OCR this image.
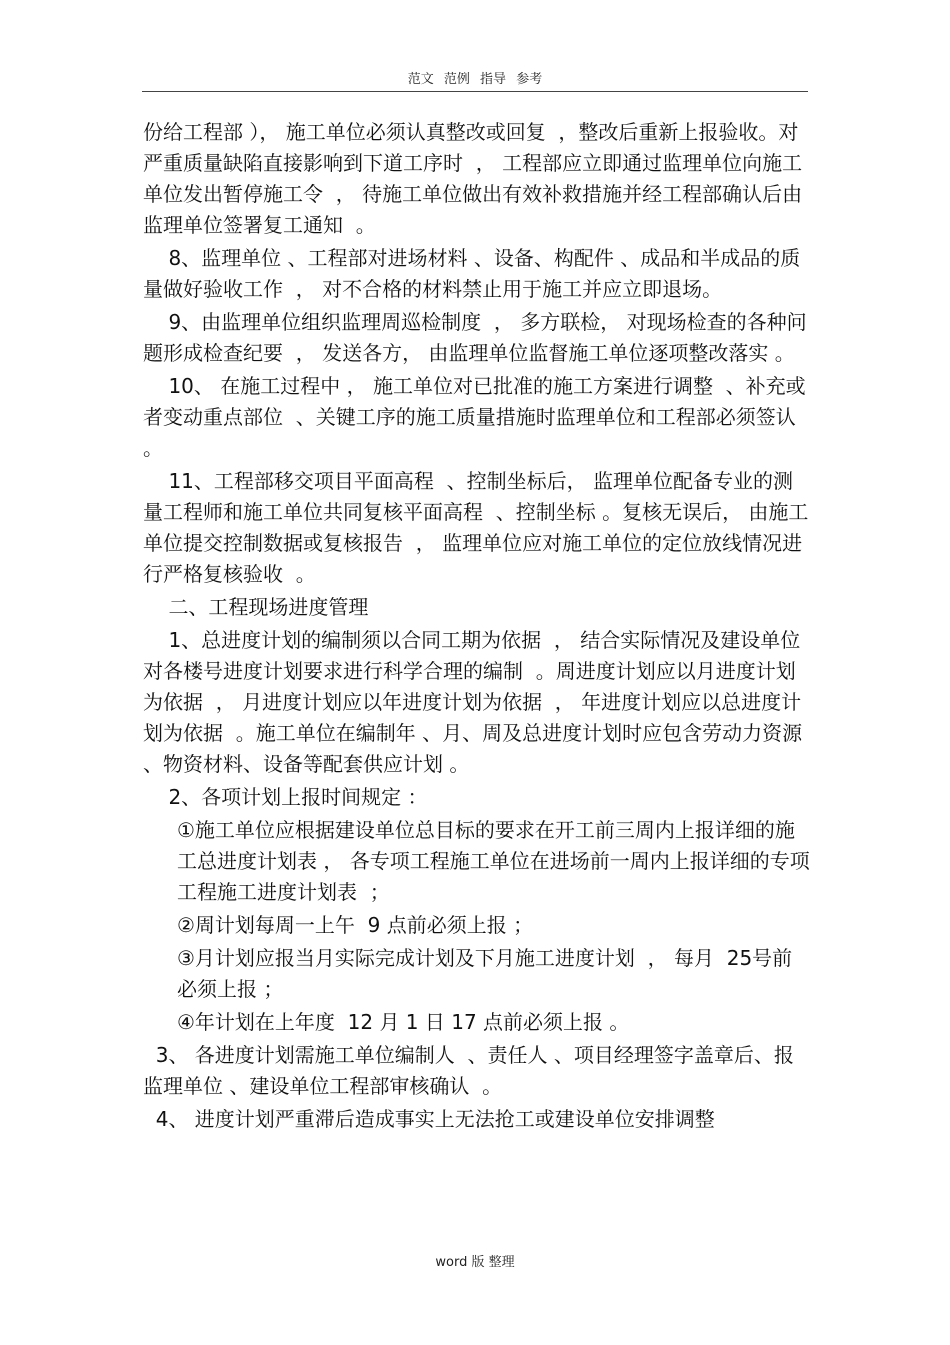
范文 范例 指导 参考

份给工程部 ）， 施工单位必须认真整改或回复  ，整改后重新上报验收。对严重质量缺陷直接影响到下道工序时  ， 工程部应立即通过监理单位向施工单位发出暂停施工令  ， 待施工单位做出有效补救措施并经工程部确认后由监理单位签署复工通知  。

8、监理单位 、工程部对进场材料 、设备、构配件 、成品和半成品的质量做好验收工作  ， 对不合格的材料禁止用于施工并应立即退场。

9、由监理单位组织监理周巡检制度  ， 多方联检， 对现场检查的各种问题形成检查纪要  ， 发送各方， 由监理单位监督施工单位逐项整改落实 。

10、 在施工过程中 ， 施工单位对已批准的施工方案进行调整  、补充或者变动重点部位  、关键工序的施工质量措施时监理单位和工程部必须签认 。

11、工程部移交项目平面高程  、控制坐标后， 监理单位配备专业的测量工程师和施工单位共同复核平面高程  、控制坐标 。复核无误后， 由施工单位提交控制数据或复核报告  ， 监理单位应对施工单位的定位放线情况进行严格复核验收  。

二、工程现场进度管理

1、总进度计划的编制须以合同工期为依据  ， 结合实际情况及建设单位对各楼号进度计划要求进行科学合理的编制  。周进度计划应以月进度计划为依据  ， 月进度计划应以年进度计划为依据  ， 年进度计划应以总进度计划为依据  。施工单位在编制年 、月、周及总进度计划时应包含劳动力资源  、物资材料、设备等配套供应计划 。

2、各项计划上报时间规定 ：

①施工单位应根据建设单位总目标的要求在开工前三周内上报详细的施工总进度计划表 ， 各专项工程施工单位在进场前一周内上报详细的专项工程施工进度计划表  ；

②周计划每周一上午  9 点前必须上报 ；

③月计划应报当月实际完成计划及下月施工进度计划  ， 每月  25号前必须上报 ；

④年计划在上年度  12 月 1 日 17 点前必须上报 。

3、 各进度计划需施工单位编制人  、责任人 、项目经理签字盖章后、报监理单位 、建设单位工程部审核确认  。

4、 进度计划严重滞后造成事实上无法抢工或建设单位安排调整

word 版 整理
